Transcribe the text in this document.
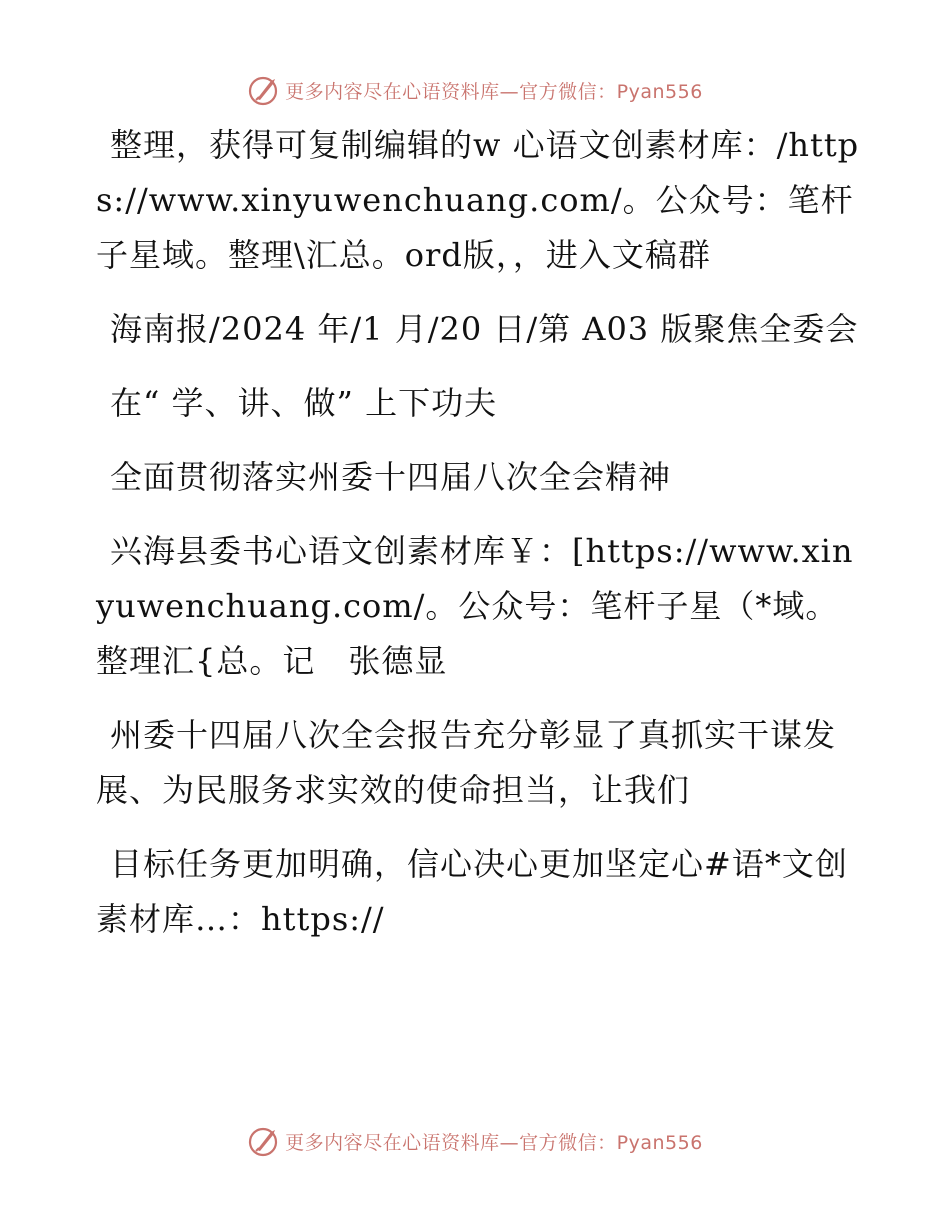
更多内容尽在心语资料库—官方微信：Pyan556

整理，获得可复制编辑的w 心语文创素材库：/https://www.xinyuwenchuang.com/。公众号：笔杆子星域。整理\汇总。ord版，，进入文稿群

海南报/2024 年/1 月/20 日/第 A03 版聚焦全委会

在“ 学、讲、做” 上下功夫

全面贯彻落实州委十四届八次全会精神

兴海县委书心语文创素材库￥：[https://www.xinyuwenchuang.com/。公众号：笔杆子星（*域。整理汇{总。记　张德显

州委十四届八次全会报告充分彰显了真抓实干谋发展、为民服务求实效的使命担当，让我们

目标任务更加明确，信心决心更加坚定心#语*文创素材库…：https://

更多内容尽在心语资料库—官方微信：Pyan556
